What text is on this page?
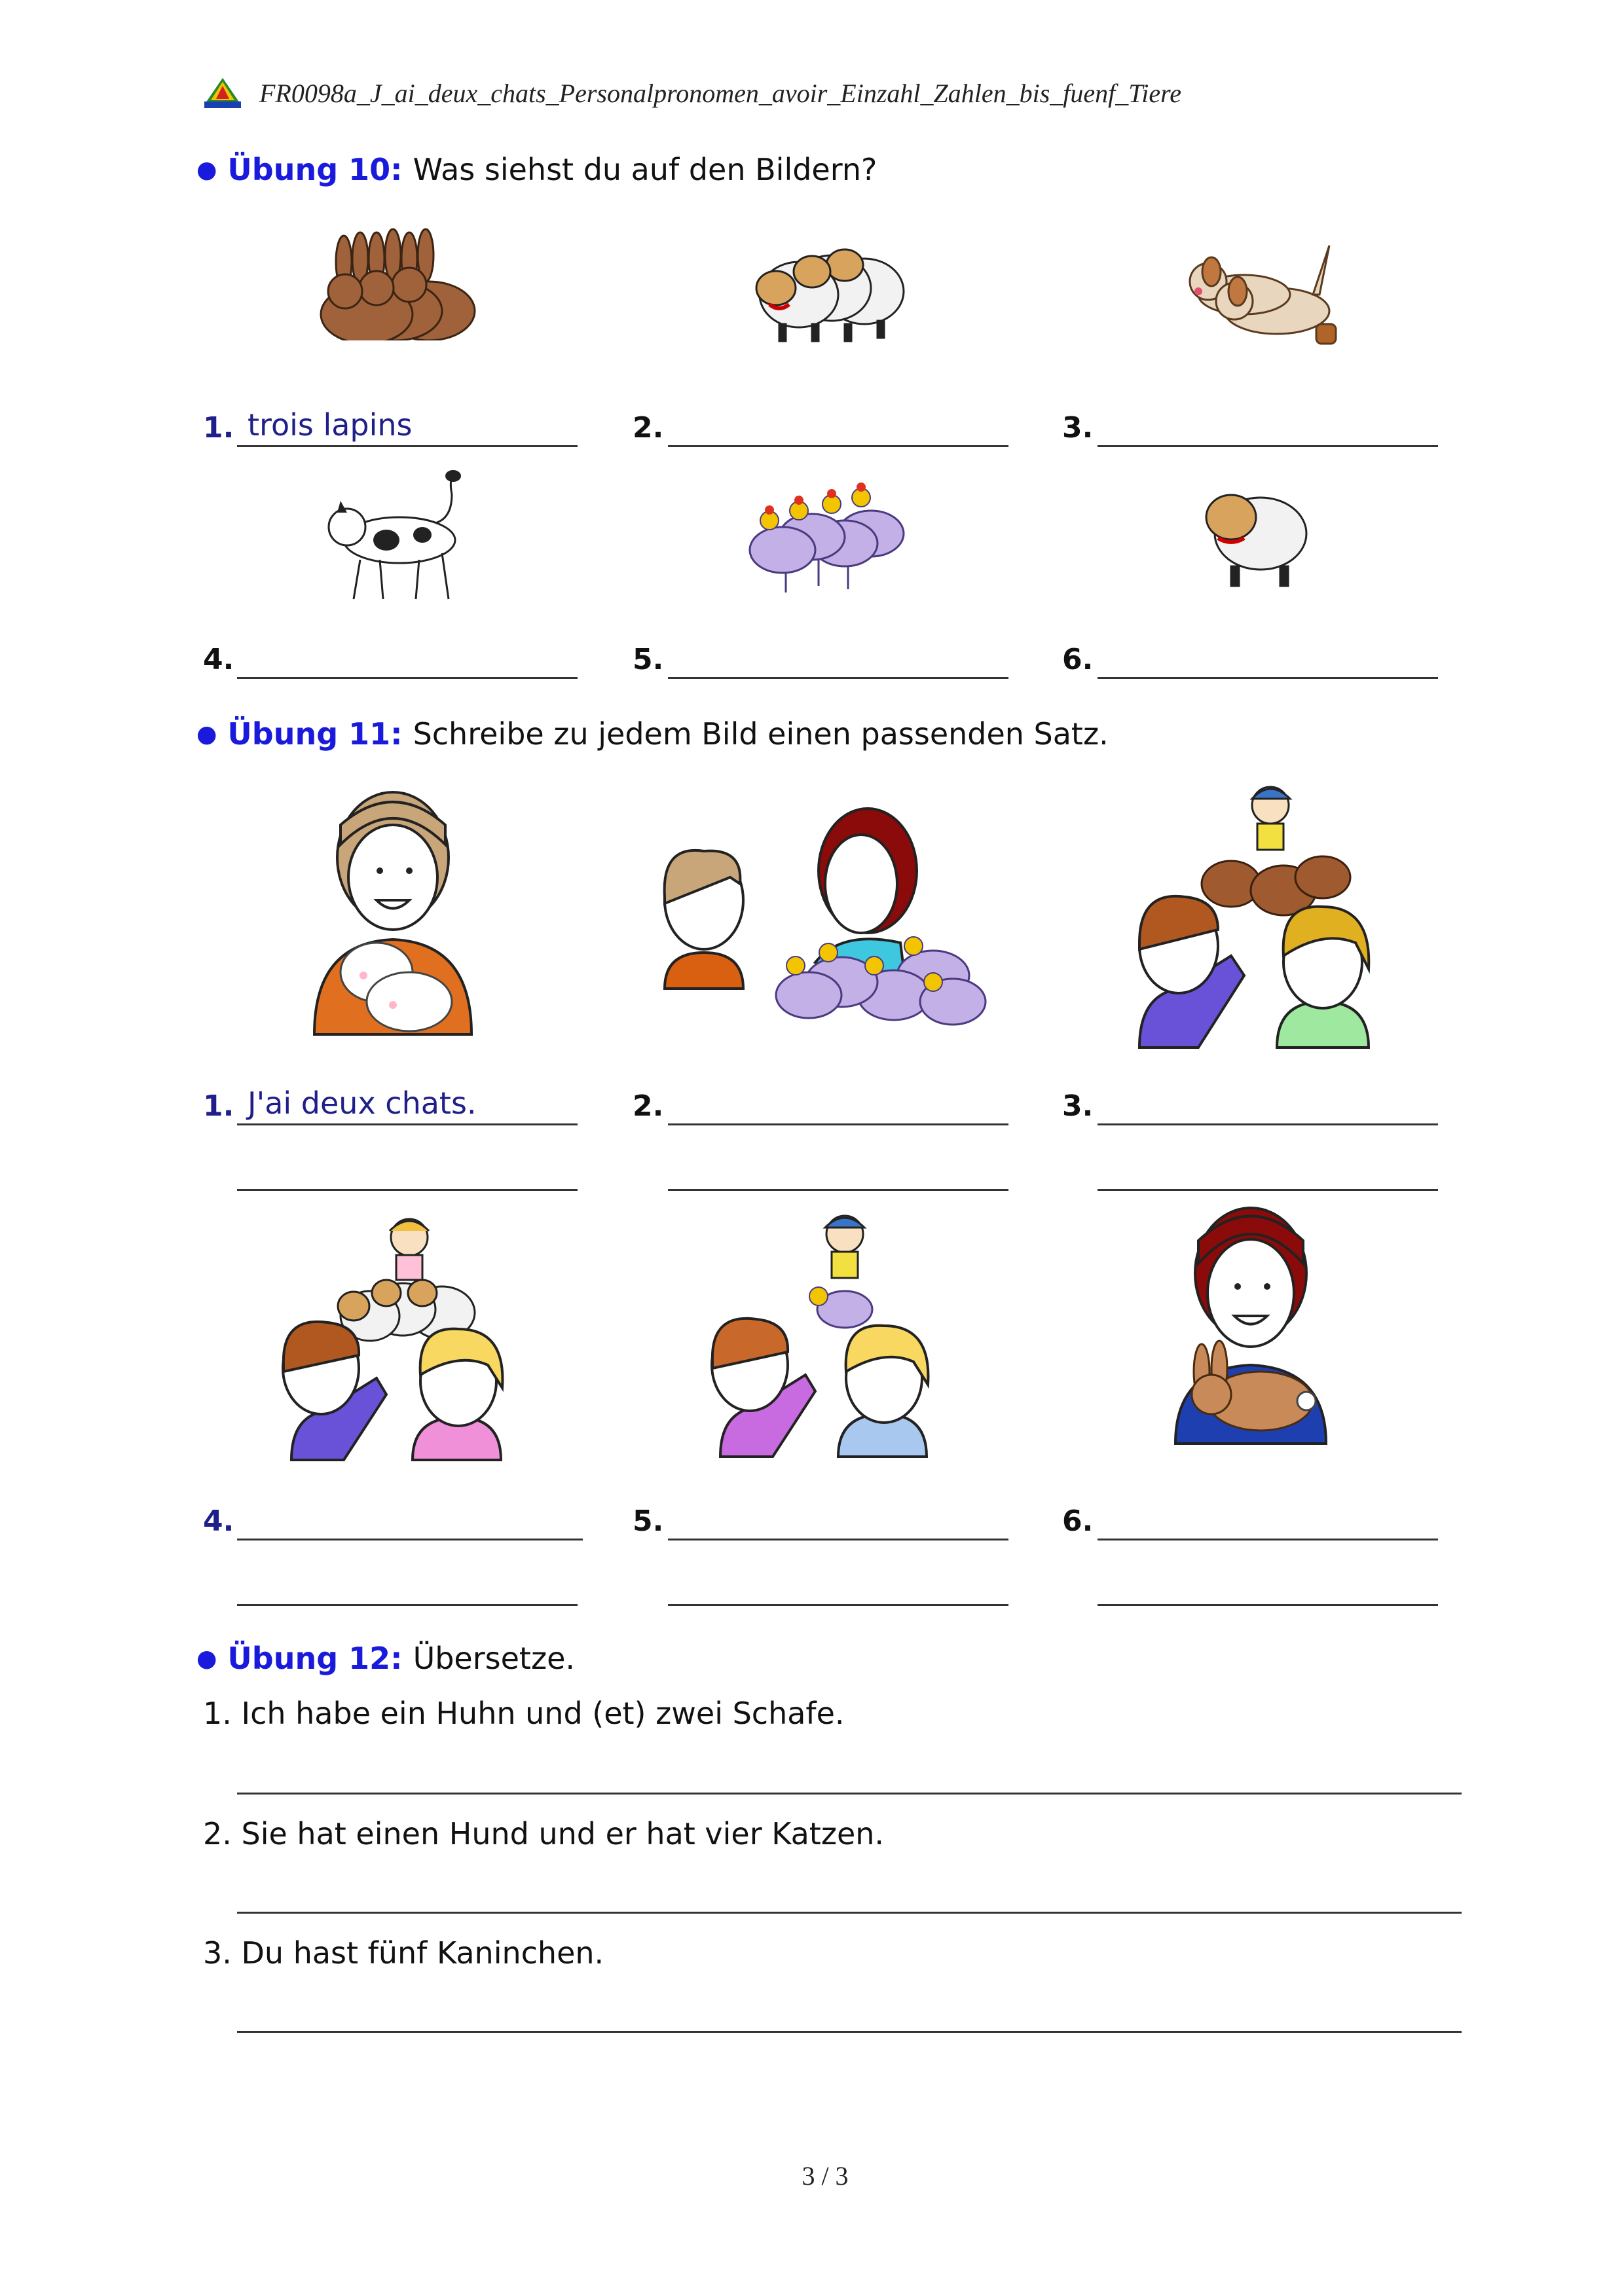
FR0098a_J_ai_deux_chats_Personalpronomen_avoir_Einzahl_Zahlen_bis_fuenf_Tiere
● Übung 10: Was siehst du auf den Bildern?
1. trois lapins	2.	3.
4.	5.	6.
● Übung 11: Schreibe zu jedem Bild einen passenden Satz.
1. J'ai deux chats.	2.	3.
4.	5.	6.
● Übung 12: Übersetze.
1. Ich habe ein Huhn und (et) zwei Schafe.
2. Sie hat einen Hund und er hat vier Katzen.
3. Du hast fünf Kaninchen.
3 / 3
